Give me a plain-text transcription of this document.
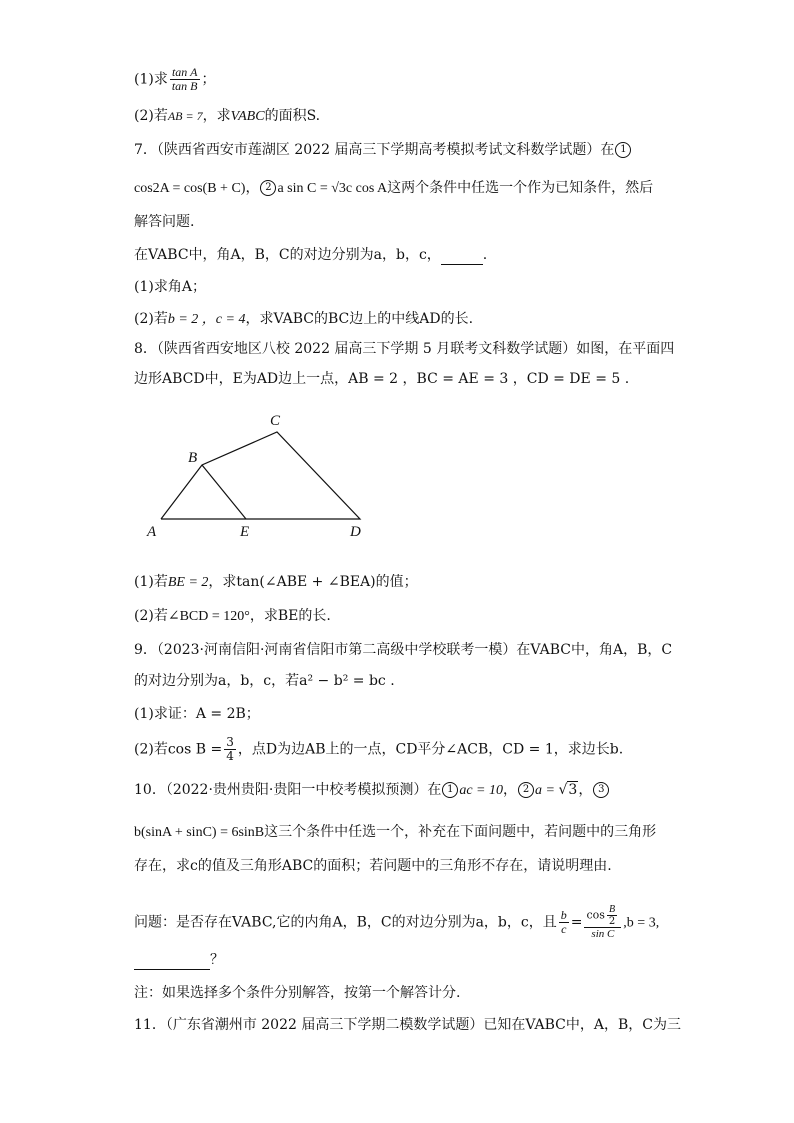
(1)求 $\frac{\text{tan A}}{\text{tan B}}$ ；
(2)若AB = 7，求VABC的面积S.
7．（陕西省西安市莲湖区 2022 届高三下学期高考模拟考试文科数学试题）在 1
cos2A = cos(B + C)， 2 a sin C = √3c cos A这两个条件中任选一个作为已知条件，然后
解答问题.
在VABC中，角A，B，C的对边分别为a，b，c，	.
(1)求角A；
(2)若b = 2 ，c = 4，求VABC的BC边上的中线AD的长.
8．（陕西省西安地区八校 2022 届高三下学期 5 月联考文科数学试题）如图，在平面四
边形ABCD中，E为AD边上一点，AB = 2 ，BC = AE = 3 ，CD = DE = 5 .
C
B
A	E	D
(1)若BE = 2，求tan(∠ABE + ∠BEA)的值；
(2)若∠BCD = 120°，求BE的长.
9．（2023·河南信阳·河南省信阳市第二高级中学校联考一模）在VABC中，角A，B，C
的对边分别为a，b，c，若a² − b² = bc .
(1)求证：A = 2B；
(2)若$\cos B = \frac{3}{4}$ ，点D为边AB上的一点，CD平分∠ACB，CD = 1，求边长b.
10．（2022·贵州贵阳·贵阳一中校考模拟预测）在 1 ac = 10， 2 a = √3， 3
b(sinA + sinC) = 6sinB这三个条件中任选一个，补充在下面问题中，若问题中的三角形
存在，求c的值及三角形ABC的面积；若问题中的三角形不存在，请说明理由.
问题：是否存在VABC,它的内角A，B，C的对边分别为a，b，c，且 $\frac{b}{c} = \frac{\cos \frac{B}{2}}{\text{sin C}} ,b = 3$,
？
注：如果选择多个条件分别解答，按第一个解答计分.
11．（广东省潮州市 2022 届高三下学期二模数学试题）已知在VABC中，A，B，C为三
